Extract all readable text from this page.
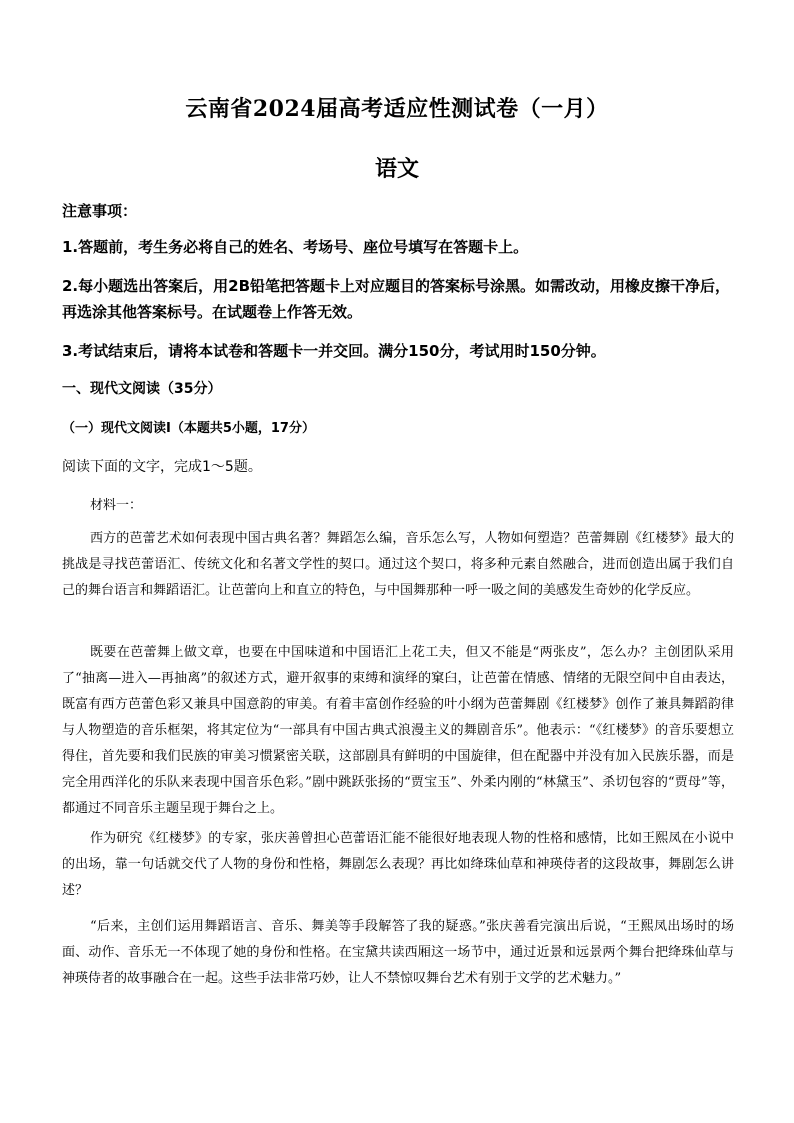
云南省2024届高考适应性测试卷（一月）
语文
注意事项：
1.答题前，考生务必将自己的姓名、考场号、座位号填写在答题卡上。
2.每小题选出答案后，用2B铅笔把答题卡上对应题目的答案标号涂黑。如需改动，用橡皮擦干净后，再选涂其他答案标号。在试题卷上作答无效。
3.考试结束后，请将本试卷和答题卡一并交回。满分150分，考试用时150分钟。
一、现代文阅读（35分）
（一）现代文阅读Ⅰ（本题共5小题，17分）
阅读下面的文字，完成1～5题。
材料一：
西方的芭蕾艺术如何表现中国古典名著？舞蹈怎么编，音乐怎么写，人物如何塑造？芭蕾舞剧《红楼梦》最大的挑战是寻找芭蕾语汇、传统文化和名著文学性的契口。通过这个契口，将多种元素自然融合，进而创造出属于我们自己的舞台语言和舞蹈语汇。让芭蕾向上和直立的特色，与中国舞那种一呼一吸之间的美感发生奇妙的化学反应。
既要在芭蕾舞上做文章，也要在中国味道和中国语汇上花工夫，但又不能是“两张皮”，怎么办？主创团队采用了“抽离—进入—再抽离”的叙述方式，避开叙事的束缚和演绎的窠臼，让芭蕾在情感、情绪的无限空间中自由表达，既富有西方芭蕾色彩又兼具中国意韵的审美。有着丰富创作经验的叶小纲为芭蕾舞剧《红楼梦》创作了兼具舞蹈韵律与人物塑造的音乐框架，将其定位为“一部具有中国古典式浪漫主义的舞剧音乐”。他表示：“《红楼梦》的音乐要想立得住，首先要和我们民族的审美习惯紧密关联，这部剧具有鲜明的中国旋律，但在配器中并没有加入民族乐器，而是完全用西洋化的乐队来表现中国音乐色彩。”剧中跳跃张扬的“贾宝玉”、外柔内刚的“林黛玉”、杀切包容的“贾母”等，都通过不同音乐主题呈现于舞台之上。
作为研究《红楼梦》的专家，张庆善曾担心芭蕾语汇能不能很好地表现人物的性格和感情，比如王熙凤在小说中的出场，靠一句话就交代了人物的身份和性格，舞剧怎么表现？再比如绛珠仙草和神瑛侍者的这段故事，舞剧怎么讲述？
“后来，主创们运用舞蹈语言、音乐、舞美等手段解答了我的疑惑。”张庆善看完演出后说，“王熙凤出场时的场面、动作、音乐无一不体现了她的身份和性格。在宝黛共读西厢这一场节中，通过近景和远景两个舞台把绛珠仙草与神瑛侍者的故事融合在一起。这些手法非常巧妙，让人不禁惊叹舞台艺术有别于文学的艺术魅力。”
